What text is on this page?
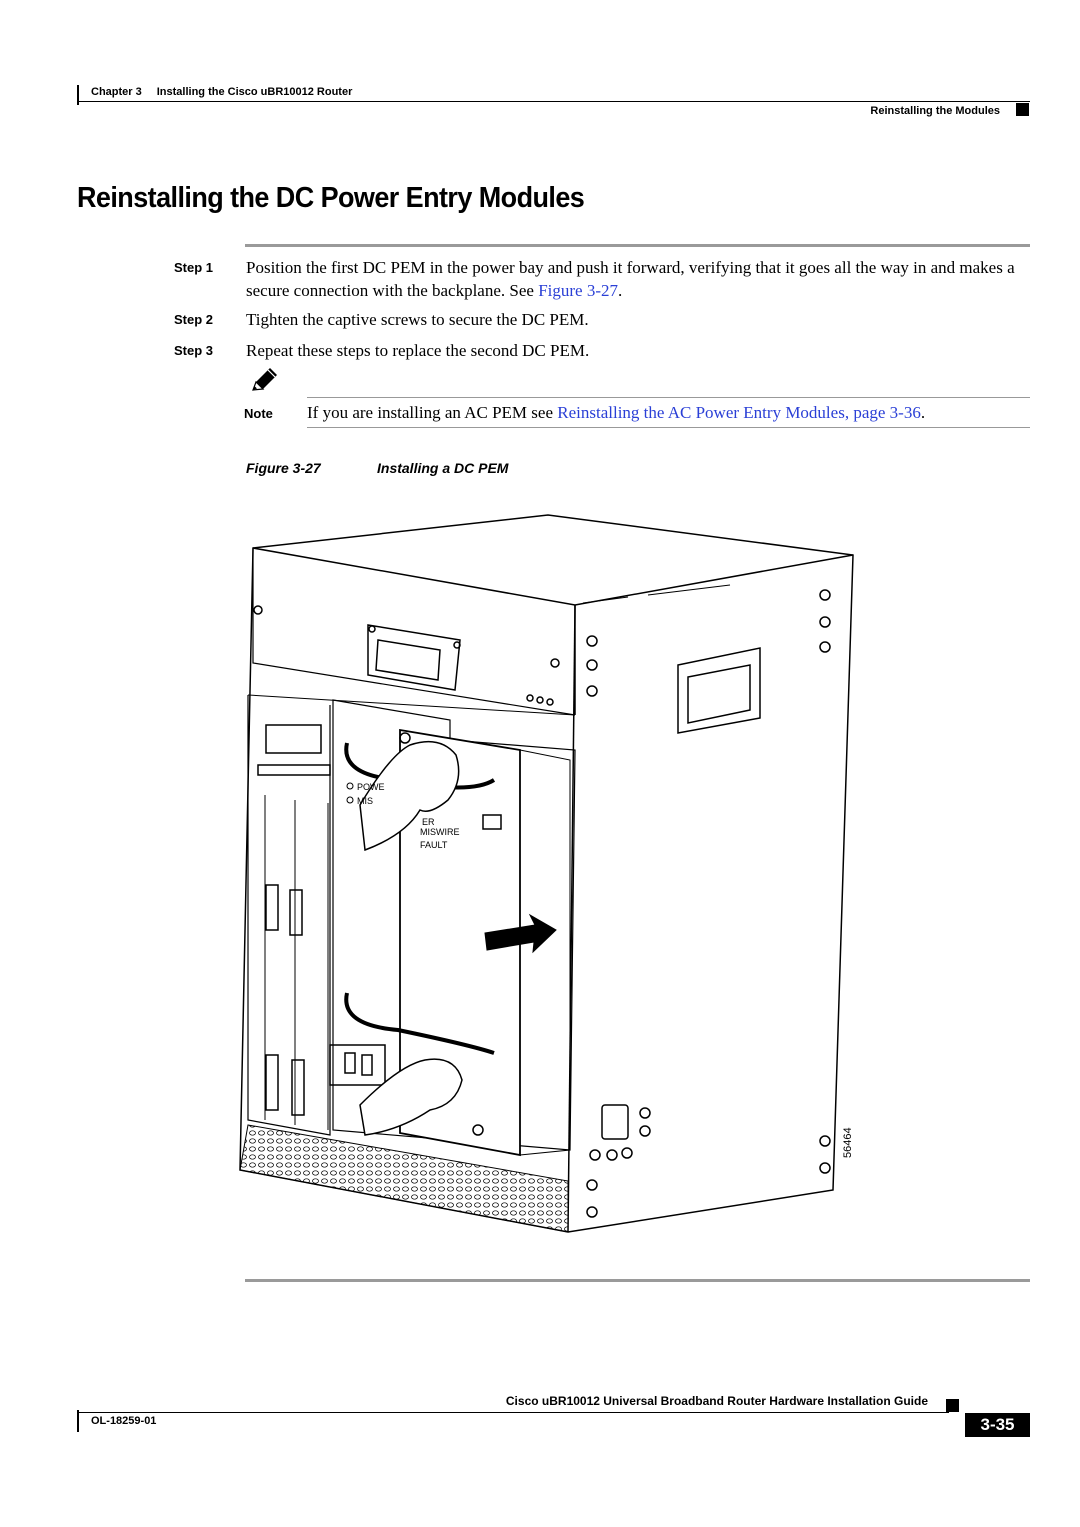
Chapter 3 Installing the Cisco uBR10012 Router
Reinstalling the Modules
Reinstalling the DC Power Entry Modules
Step 1 Position the first DC PEM in the power bay and push it forward, verifying that it goes all the way in and makes a secure connection with the backplane. See Figure 3-27.
Step 2 Tighten the captive screws to secure the DC PEM.
Step 3 Repeat these steps to replace the second DC PEM.
Note If you are installing an AC PEM see Reinstalling the AC Power Entry Modules, page 3-36.
Figure 3-27	Installing a DC PEM
POWE
MIS
ER
MISWIRE
FAULT
56464
Cisco uBR10012 Universal Broadband Router Hardware Installation Guide
OL-18259-01	3-35
